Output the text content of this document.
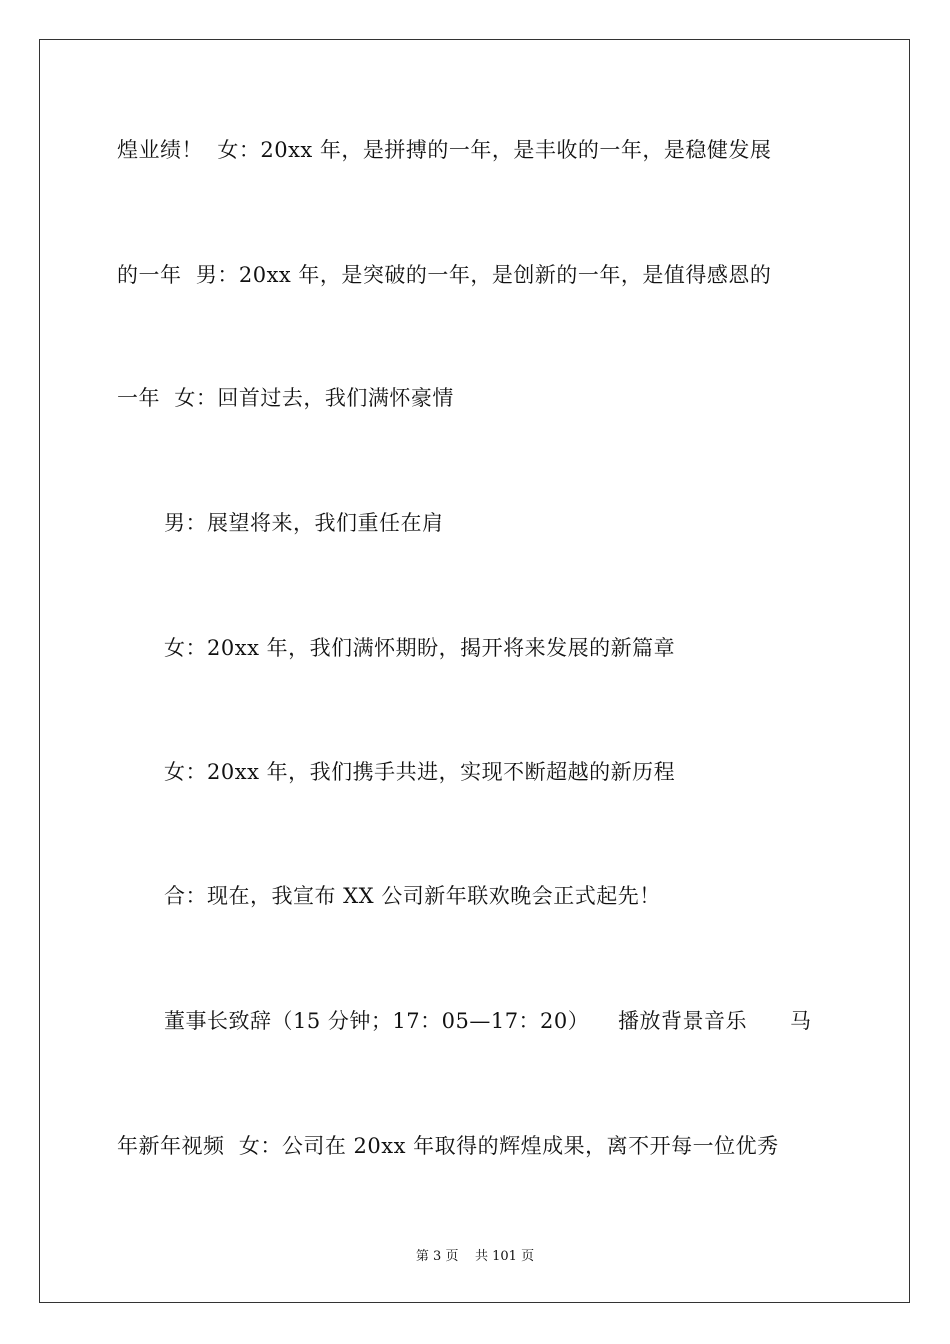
煌业绩！  女：20xx 年，是拼搏的一年，是丰收的一年，是稳健发展
的一年  男：20xx 年，是突破的一年，是创新的一年，是值得感恩的
一年  女：回首过去，我们满怀豪情
男：展望将来，我们重任在肩
女：20xx 年，我们满怀期盼，揭开将来发展的新篇章
女：20xx 年，我们携手共进，实现不断超越的新历程
合：现在，我宣布 XX 公司新年联欢晚会正式起先！
董事长致辞（15 分钟；17：05—17：20）    播放背景音乐      马
年新年视频  女：公司在 20xx 年取得的辉煌成果，离不开每一位优秀
第 3 页    共 101 页
